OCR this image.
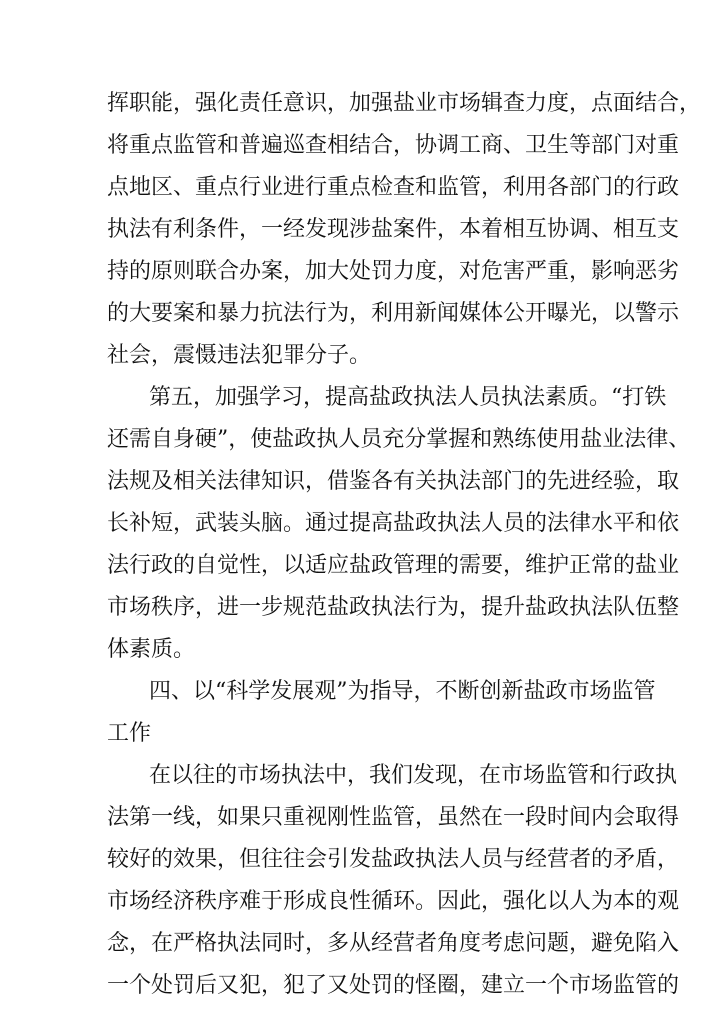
挥职能，强化责任意识，加强盐业市场辑查力度，点面结合，
将重点监管和普遍巡查相结合，协调工商、卫生等部门对重
点地区、重点行业进行重点检查和监管，利用各部门的行政
执法有利条件，一经发现涉盐案件，本着相互协调、相互支
持的原则联合办案，加大处罚力度，对危害严重，影响恶劣
的大要案和暴力抗法行为，利用新闻媒体公开曝光，以警示
社会，震慑违法犯罪分子。
第五，加强学习，提高盐政执法人员执法素质。“打铁
还需自身硬”，使盐政执人员充分掌握和熟练使用盐业法律、
法规及相关法律知识，借鉴各有关执法部门的先进经验，取
长补短，武装头脑。通过提高盐政执法人员的法律水平和依
法行政的自觉性，以适应盐政管理的需要，维护正常的盐业
市场秩序，进一步规范盐政执法行为，提升盐政执法队伍整
体素质。
四、以“科学发展观”为指导，不断创新盐政市场监管
工作
在以往的市场执法中，我们发现，在市场监管和行政执
法第一线，如果只重视刚性监管，虽然在一段时间内会取得
较好的效果，但往往会引发盐政执法人员与经营者的矛盾，
市场经济秩序难于形成良性循环。因此，强化以人为本的观
念，在严格执法同时，多从经营者角度考虑问题，避免陷入
一个处罚后又犯，犯了又处罚的怪圈，建立一个市场监管的
